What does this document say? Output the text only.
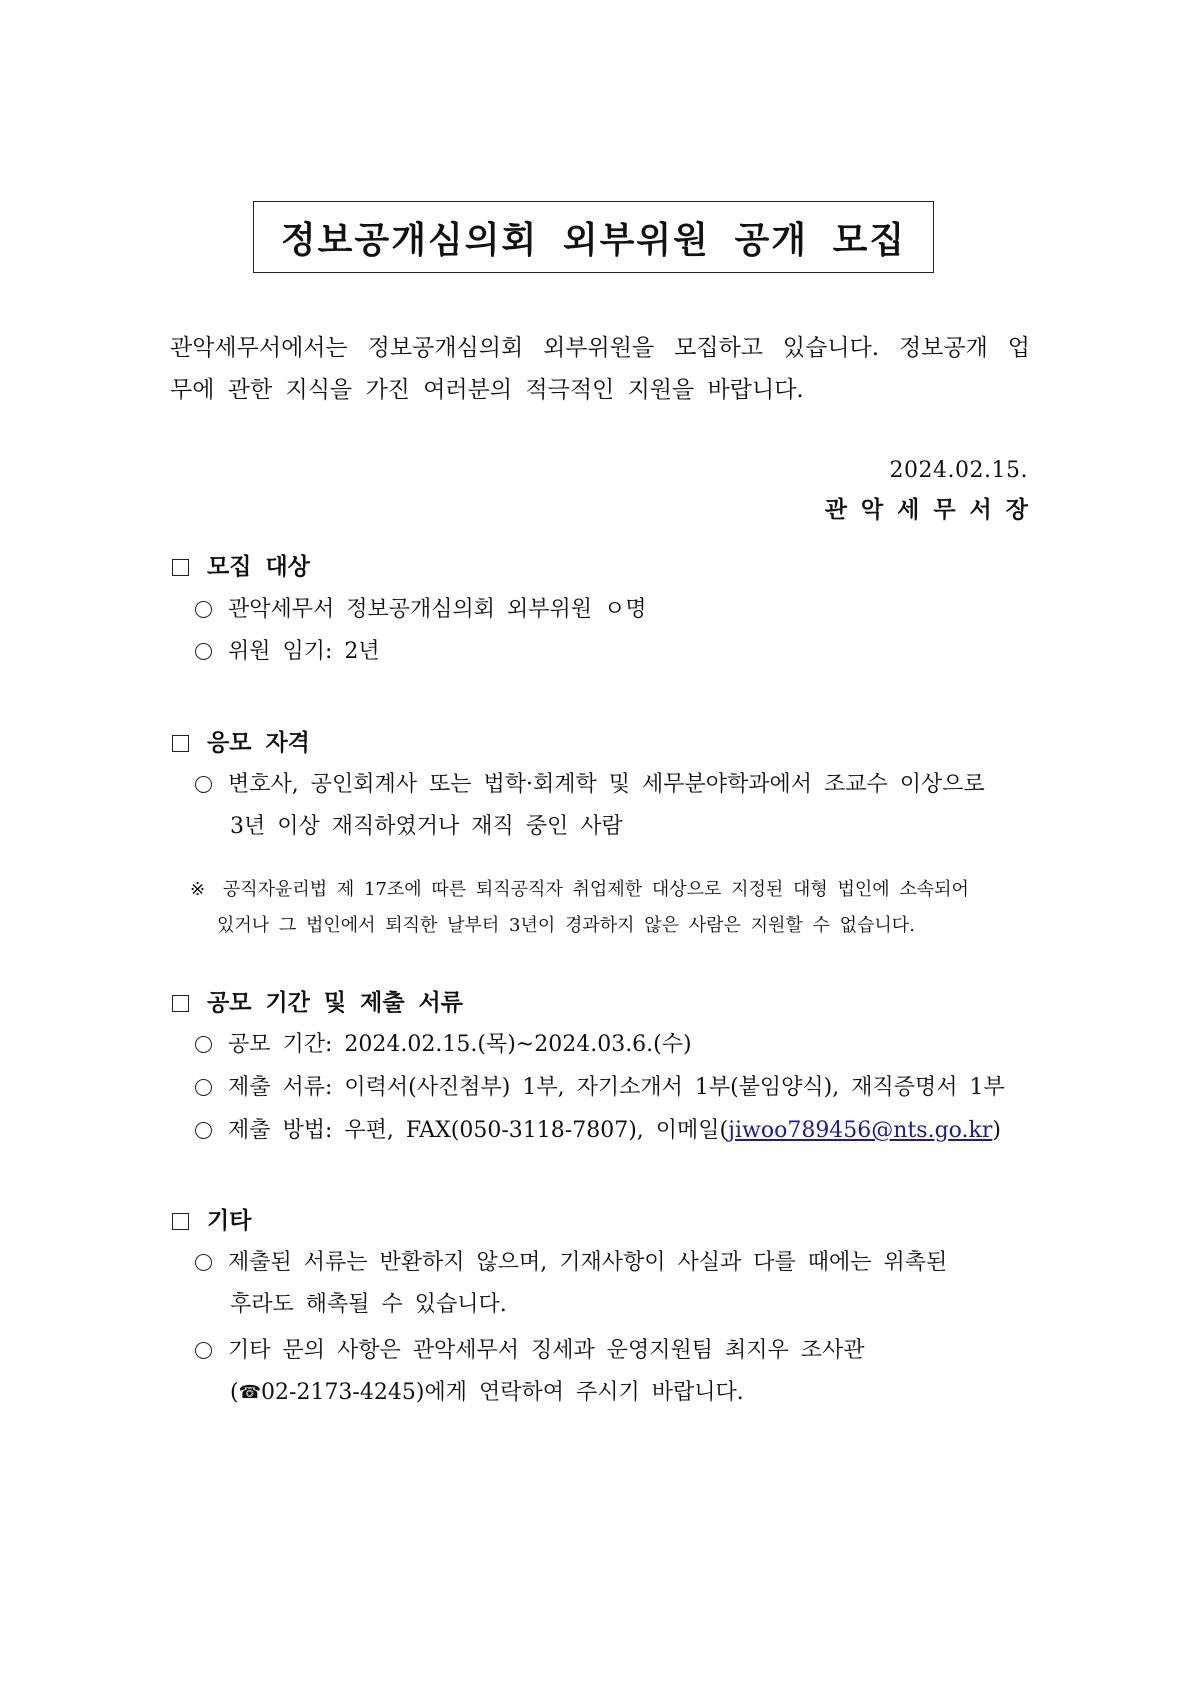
정보공개심의회 외부위원 공개 모집
관악세무서에서는 정보공개심의회 외부위원을 모집하고 있습니다. 정보공개 업
무에 관한 지식을 가진 여러분의 적극적인 지원을 바랍니다.
2024.02.15.
관악세무서장
모집 대상
관악세무서 정보공개심의회 외부위원 ㅇ명
위원 임기: 2년
응모 자격
변호사, 공인회계사 또는 법학·회계학 및 세무분야학과에서 조교수 이상으로
3년 이상 재직하였거나 재직 중인 사람
※ 공직자윤리법 제 17조에 따른 퇴직공직자 취업제한 대상으로 지정된 대형 법인에 소속되어
있거나 그 법인에서 퇴직한 날부터 3년이 경과하지 않은 사람은 지원할 수 없습니다.
공모 기간 및 제출 서류
공모 기간: 2024.02.15.(목)~2024.03.6.(수)
제출 서류: 이력서(사진첨부) 1부, 자기소개서 1부(붙임양식), 재직증명서 1부
제출 방법: 우편, FAX(050-3118-7807), 이메일( jiwoo789456@nts.go.kr )
기타
제출된 서류는 반환하지 않으며, 기재사항이 사실과 다를 때에는 위촉된
후라도 해촉될 수 있습니다.
기타 문의 사항은 관악세무서 징세과 운영지원팀 최지우 조사관
(☎02-2173-4245)에게 연락하여 주시기 바랍니다.
